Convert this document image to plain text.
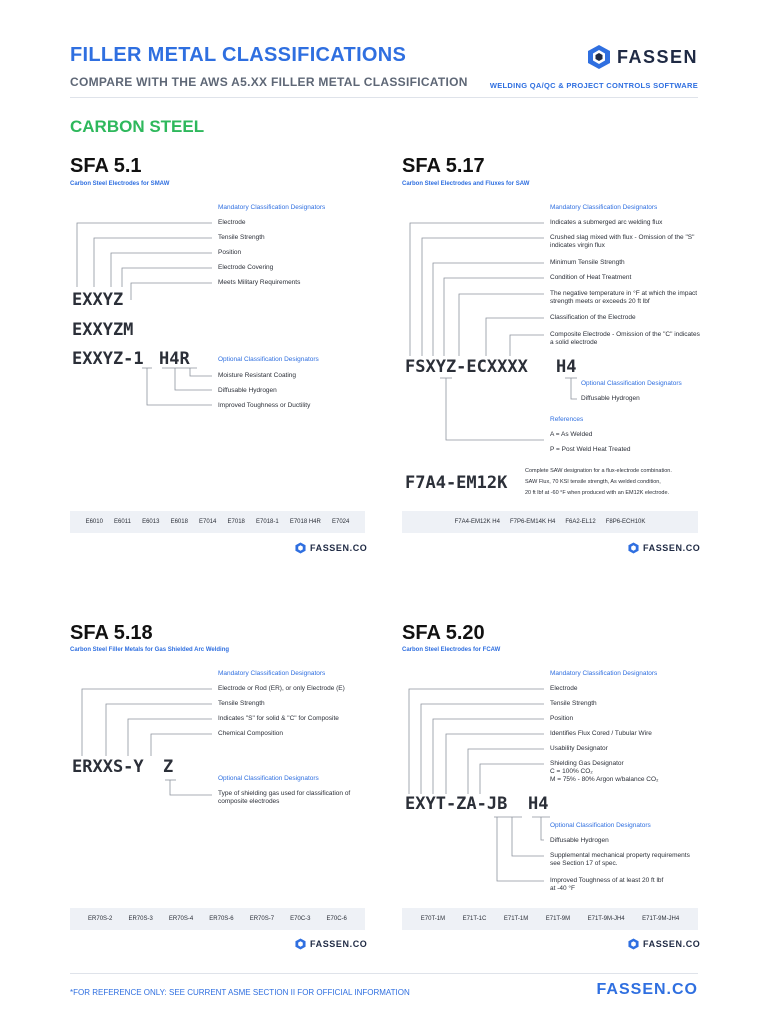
FILLER METAL CLASSIFICATIONS
COMPARE WITH THE AWS A5.XX FILLER METAL CLASSIFICATION
FASSEN
WELDING QA/QC & PROJECT CONTROLS SOFTWARE
CARBON STEEL
SFA 5.1
Carbon Steel Electrodes for SMAW
Mandatory Classification Designators
Electrode
Tensile Strength
Position
Electrode Covering
Meets Military Requirements
EXXYZ
EXXYZM
EXXYZ-1 H4R	Optional Classification Designators
Moisture Resistant Coating
Diffusable Hydrogen
Improved Toughness or Ductility
E6010 E6011 E6013 E6018 E7014 E7018 E7018-1 E7018 H4R E7024
FASSEN.CO
SFA 5.17
Carbon Steel Electrodes and Fluxes for SAW
Mandatory Classification Designators
Indicates a submerged arc welding flux
Crushed slag mixed with flux - Omission of the "S" indicates virgin flux
Minimum Tensile Strength
Condition of Heat Treatment
The negative temperature in °F at which the impact strength meets or exceeds 20 ft lbf
Classification of the Electrode
Composite Electrode - Omission of the "C" indicates a solid electrode
FSXYZ-ECXXXX H4
Optional Classification Designators
Diffusable Hydrogen
References
A = As Welded
P = Post Weld Heat Treated
F7A4-EM12K
Complete SAW designation for a flux-electrode combination.
SAW Flux, 70 KSI tensile strength, As welded condition,
20 ft lbf at -60 °F when produced with an EM12K electrode.
F7A4-EM12K H4 F7P6-EM14K H4 F6A2-EL12 F8P6-ECH10K
FASSEN.CO
SFA 5.18
Carbon Steel Filler Metals for Gas Shielded Arc Welding
Mandatory Classification Designators
Electrode or Rod (ER), or only Electrode (E)
Tensile Strength
Indicates "S" for solid & "C" for Composite
Chemical Composition
ERXXS-Y Z
Optional Classification Designators
Type of shielding gas used for classification of composite electrodes
ER70S-2	ER70S-3	ER70S-4	ER70S-6	ER70S-7	E70C-3	E70C-6
FASSEN.CO
SFA 5.20
Carbon Steel Electrodes for FCAW
Mandatory Classification Designators
Electrode
Tensile Strength
Position
Identifies Flux Cored / Tubular Wire
Usability Designator
Shielding Gas Designator
C = 100% CO₂
M = 75% - 80% Argon w/balance CO₂
EXYT-ZA-JB H4
Optional Classification Designators
Diffusable Hydrogen
Supplemental mechanical property requirements see Section 17 of spec.
Improved Toughness of at least 20 ft lbf at -40 °F
E70T-1M	E71T-1C	E71T-1M	E71T-9M	E71T-9M-JH4	E71T-9M-JH4
FASSEN.CO
*FOR REFERENCE ONLY: SEE CURRENT ASME SECTION II FOR OFFICIAL INFORMATION	FASSEN.CO
